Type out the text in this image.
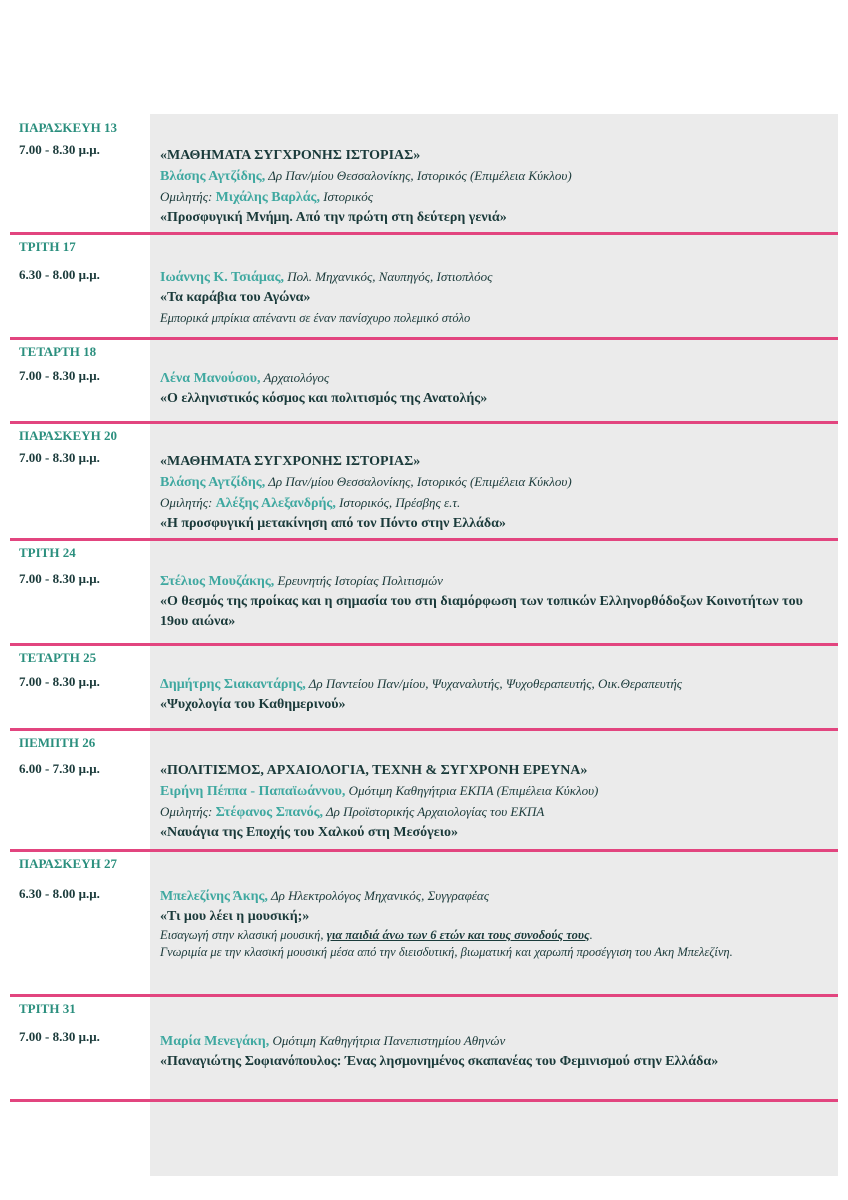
ΠΑΡΑΣΚΕΥΗ 13
7.00 - 8.30 μ.μ.	«ΜΑΘΗΜΑΤΑ ΣΥΓΧΡΟΝΗΣ ΙΣΤΟΡΙΑΣ»
Βλάσης Αγτζίδης, Δρ Παν/μίου Θεσσαλονίκης, Ιστορικός (Επιμέλεια Κύκλου)
Ομιλητής: Μιχάλης Βαρλάς, Ιστορικός
«Προσφυγική Μνήμη. Από την πρώτη στη δεύτερη γενιά»
ΤΡΙΤΗ 17
6.30 - 8.00 μ.μ.	Ιωάννης Κ. Τσιάμας, Πολ. Μηχανικός, Ναυπηγός, Ιστιοπλόος
«Τα καράβια του Αγώνα»
Εμπορικά μπρίκια απέναντι σε έναν πανίσχυρο πολεμικό στόλο
ΤΕΤΑΡΤΗ 18
7.00 - 8.30 μ.μ.	Λένα Μανούσου, Αρχαιολόγος
«Ο ελληνιστικός κόσμος και πολιτισμός της Ανατολής»
ΠΑΡΑΣΚΕΥΗ 20
7.00 - 8.30 μ.μ.	«ΜΑΘΗΜΑΤΑ ΣΥΓΧΡΟΝΗΣ ΙΣΤΟΡΙΑΣ»
Βλάσης Αγτζίδης, Δρ Παν/μίου Θεσσαλονίκης, Ιστορικός (Επιμέλεια Κύκλου)
Ομιλητής: Αλέξης Αλεξανδρής, Ιστορικός, Πρέσβης ε.τ.
«Η προσφυγική μετακίνηση από τον Πόντο στην Ελλάδα»
ΤΡΙΤΗ 24
7.00 - 8.30 μ.μ.	Στέλιος Μουζάκης, Ερευνητής Ιστορίας Πολιτισμών
«Ο θεσμός της προίκας και η σημασία του στη διαμόρφωση των τοπικών Ελληνορθόδοξων Κοινοτήτων του 19ου αιώνα»
ΤΕΤΑΡΤΗ 25
7.00 - 8.30 μ.μ.	Δημήτρης Σιακαντάρης, Δρ Παντείου Παν/μίου, Ψυχαναλυτής, Ψυχοθεραπευτής, Οικ.Θεραπευτής
«Ψυχολογία του Καθημερινού»
ΠΕΜΠΤΗ 26
6.00 - 7.30 μ.μ.	«ΠΟΛΙΤΙΣΜΟΣ, ΑΡΧΑΙΟΛΟΓΙΑ, ΤΕΧΝΗ & ΣΥΓΧΡΟΝΗ ΕΡΕΥΝΑ»
Ειρήνη Πέππα - Παπαϊωάννου, Ομότιμη Καθηγήτρια ΕΚΠΑ (Επιμέλεια Κύκλου)
Ομιλητής: Στέφανος Σπανός, Δρ Προϊστορικής Αρχαιολογίας του ΕΚΠΑ
«Ναυάγια της Εποχής του Χαλκού στη Μεσόγειο»
ΠΑΡΑΣΚΕΥΗ 27
6.30 - 8.00 μ.μ.	Μπελεζίνης Άκης, Δρ Ηλεκτρολόγος Μηχανικός, Συγγραφέας
«Τι μου λέει η μουσική;»
Εισαγωγή στην κλασική μουσική, για παιδιά άνω των 6 ετών και τους συνοδούς τους.
Γνωριμία με την κλασική μουσική μέσα από την διεισδυτική, βιωματική και χαρωπή προσέγγιση του Ακη Μπελεζίνη.
ΤΡΙΤΗ 31
7.00 - 8.30 μ.μ.	Μαρία Μενεγάκη, Ομότιμη Καθηγήτρια Πανεπιστημίου Αθηνών
«Παναγιώτης Σοφιανόπουλος: Ένας λησμονημένος σκαπανέας του Φεμινισμού στην Ελλάδα»
